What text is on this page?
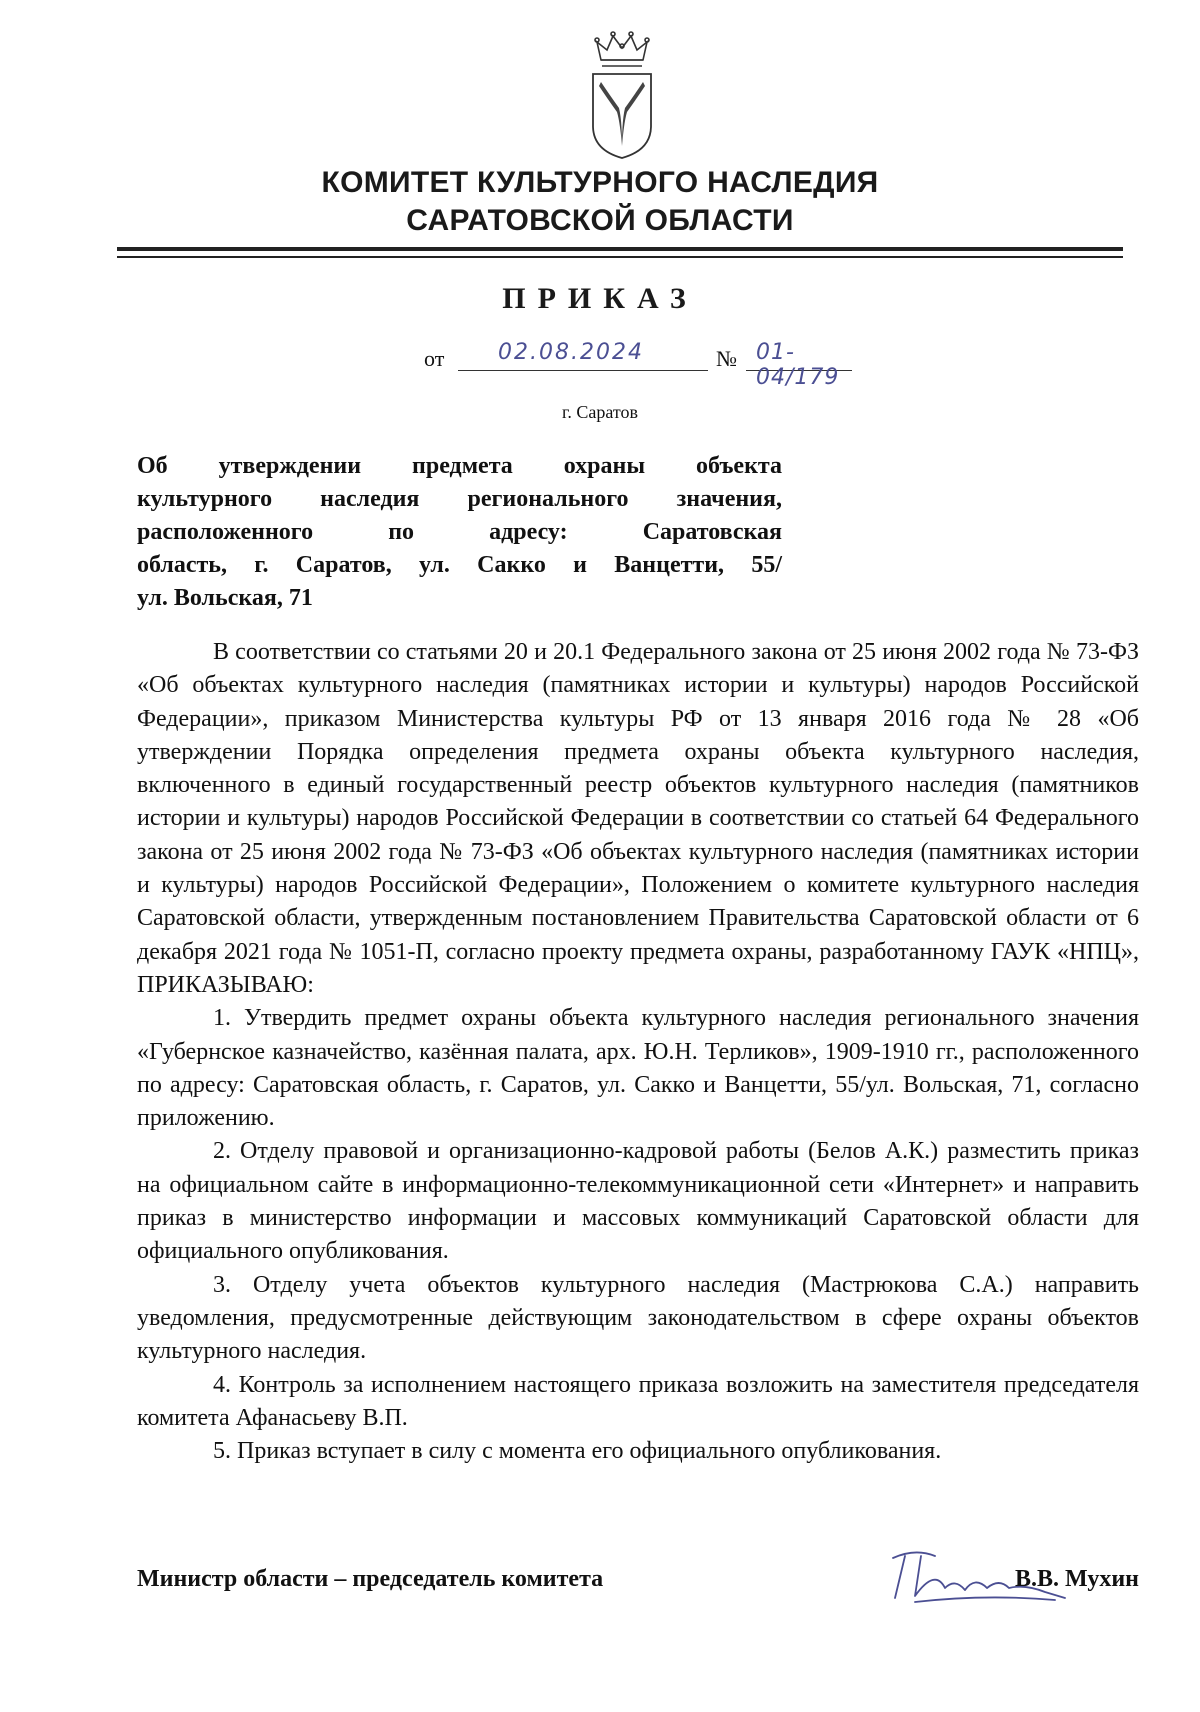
КОМИТЕТ КУЛЬТУРНОГО НАСЛЕДИЯ
САРАТОВСКОЙ ОБЛАСТИ
ПРИКАЗ
от 02.08.2024	№ 01-04/179
г. Саратов
Об утверждении предмета охраны объекта
культурного наследия регионального значения,
расположенного по адресу: Саратовская
область, г. Саратов, ул. Сакко и Ванцетти, 55/
ул. Вольская, 71

В соответствии со статьями 20 и 20.1 Федерального закона от 25 июня 2002 года № 73-ФЗ «Об объектах культурного наследия (памятниках истории и культуры) народов Российской Федерации», приказом Министерства культуры РФ от 13 января 2016 года № 28 «Об утверждении Порядка определения предмета охраны объекта культурного наследия, включенного в единый государственный реестр объектов культурного наследия (памятников истории и культуры) народов Российской Федерации в соответствии со статьей 64 Федерального закона от 25 июня 2002 года № 73-ФЗ «Об объектах культурного наследия (памятниках истории и культуры) народов Российской Федерации», Положением о комитете культурного наследия Саратовской области, утвержденным постановлением Правительства Саратовской области от 6 декабря 2021 года № 1051-П, согласно проекту предмета охраны, разработанному ГАУК «НПЦ», ПРИКАЗЫВАЮ:

1. Утвердить предмет охраны объекта культурного наследия регионального значения «Губернское казначейство, казённая палата, арх. Ю.Н. Терликов», 1909-1910 гг., расположенного по адресу: Саратовская область, г. Саратов, ул. Сакко и Ванцетти, 55/ул. Вольская, 71, согласно приложению.

2. Отделу правовой и организационно-кадровой работы (Белов А.К.) разместить приказ на официальном сайте в информационно-телекоммуникационной сети «Интернет» и направить приказ в министерство информации и массовых коммуникаций Саратовской области для официального опубликования.

3. Отделу учета объектов культурного наследия (Мастрюкова С.А.) направить уведомления, предусмотренные действующим законодательством в сфере охраны объектов культурного наследия.

4. Контроль за исполнением настоящего приказа возложить на заместителя председателя комитета Афанасьеву В.П.

5. Приказ вступает в силу с момента его официального опубликования.

Министр области – председатель комитета	В.В. Мухин
